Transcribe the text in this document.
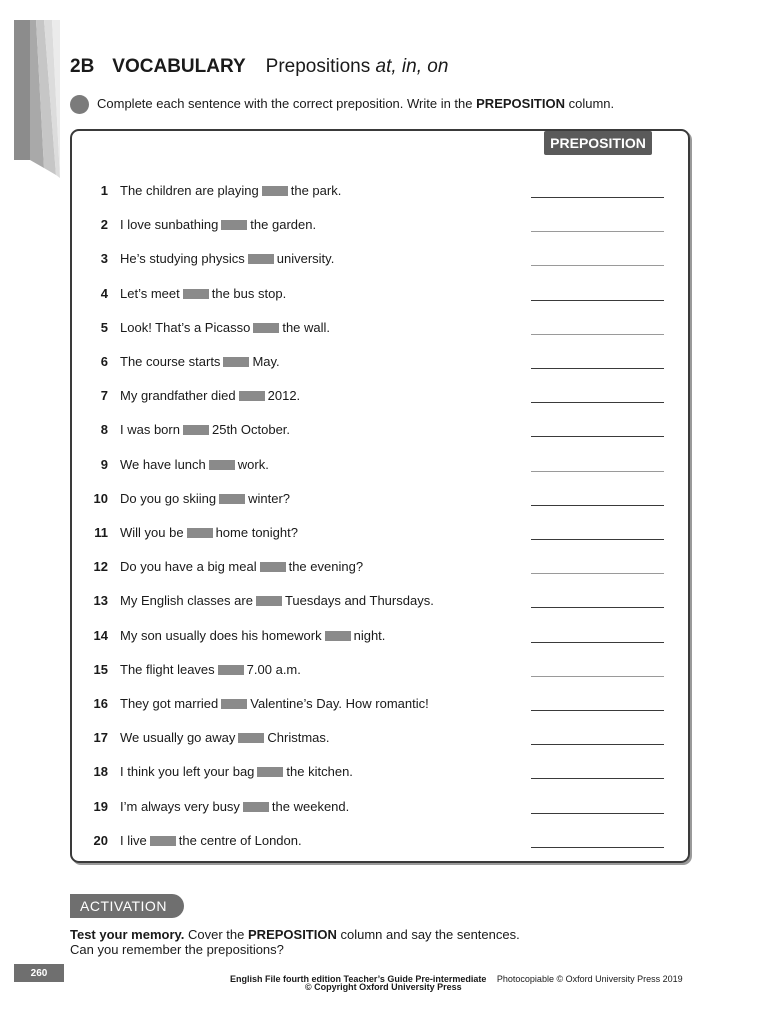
2B VOCABULARY Prepositions at, in, on
Complete each sentence with the correct preposition. Write in the PREPOSITION column.
PREPOSITION
1 The children are playing the park.
2 I love sunbathing the garden.
3 He’s studying physics university.
4 Let’s meet the bus stop.
5 Look! That’s a Picasso the wall.
6 The course starts May.
7 My grandfather died 2012.
8 I was born 25th October.
9 We have lunch work.
10 Do you go skiing winter?
11 Will you be home tonight?
12 Do you have a big meal the evening?
13 My English classes are Tuesdays and Thursdays.
14 My son usually does his homework night.
15 The flight leaves 7.00 a.m.
16 They got married Valentine’s Day. How romantic!
17 We usually go away Christmas.
18 I think you left your bag the kitchen.
19 I’m always very busy the weekend.
20 I live the centre of London.
ACTIVATION
Test your memory. Cover the PREPOSITION column and say the sentences.
Can you remember the prepositions?
260
English File fourth edition Teacher’s Guide Pre-intermediate Photocopiable © Oxford University Press 2019
© Copyright Oxford University Press
